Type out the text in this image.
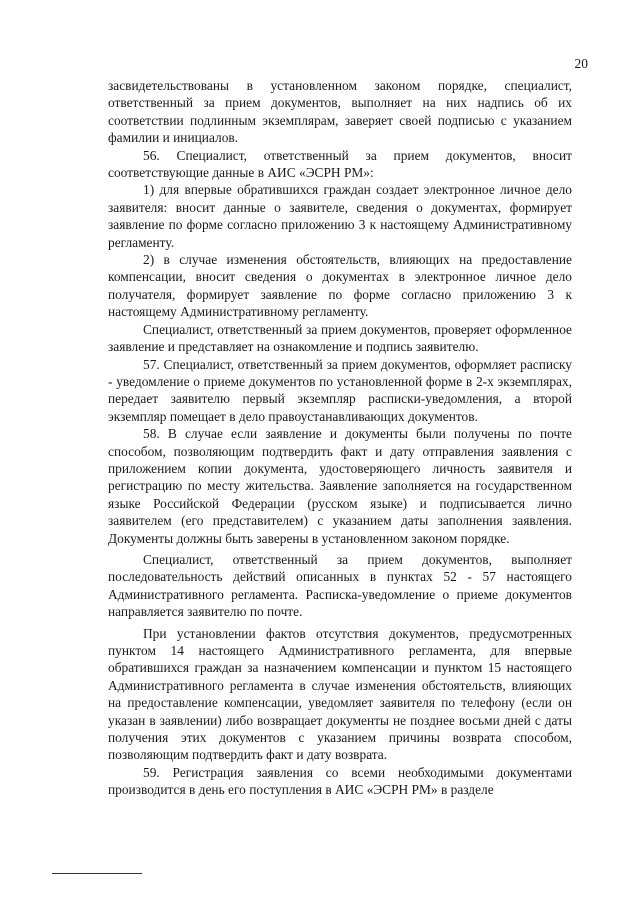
20

засвидетельствованы в установленном законом порядке, специалист, ответственный за прием документов, выполняет на них надпись об их соответствии подлинным экземплярам, заверяет своей подписью с указанием фамилии и инициалов.

56. Специалист, ответственный за прием документов, вносит соответствующие данные в АИС «ЭСРН РМ»:

1) для впервые обратившихся граждан создает электронное личное дело заявителя: вносит данные о заявителе, сведения о документах, формирует заявление по форме согласно приложению 3 к настоящему Административному регламенту.

2) в случае изменения обстоятельств, влияющих на предоставление компенсации, вносит сведения о документах в электронное личное дело получателя, формирует заявление по форме согласно приложению 3 к настоящему Административному регламенту.

Специалист, ответственный за прием документов, проверяет оформленное заявление и представляет на ознакомление и подпись заявителю.

57. Специалист, ответственный за прием документов, оформляет расписку - уведомление о приеме документов по установленной форме в 2-х экземплярах, передает заявителю первый экземпляр расписки-уведомления, а второй экземпляр помещает в дело правоустанавливающих документов.

58. В случае если заявление и документы были получены по почте способом, позволяющим подтвердить факт и дату отправления заявления с приложением копии документа, удостоверяющего личность заявителя и регистрацию по месту жительства. Заявление заполняется на государственном языке Российской Федерации (русском языке) и подписывается лично заявителем (его представителем) с указанием даты заполнения заявления. Документы должны быть заверены в установленном законом порядке.

Специалист, ответственный за прием документов, выполняет последовательность действий описанных в пунктах 52 - 57 настоящего Административного регламента. Расписка-уведомление о приеме документов направляется заявителю по почте.

При установлении фактов отсутствия документов, предусмотренных пунктом 14 настоящего Административного регламента, для впервые обратившихся граждан за назначением компенсации и пунктом 15 настоящего Административного регламента в случае изменения обстоятельств, влияющих на предоставление компенсации, уведомляет заявителя по телефону (если он указан в заявлении) либо возвращает документы не позднее восьми дней с даты получения этих документов с указанием причины возврата способом, позволяющим подтвердить факт и дату возврата.

59. Регистрация заявления со всеми необходимыми документами производится в день его поступления в АИС «ЭСРН РМ» в разделе
